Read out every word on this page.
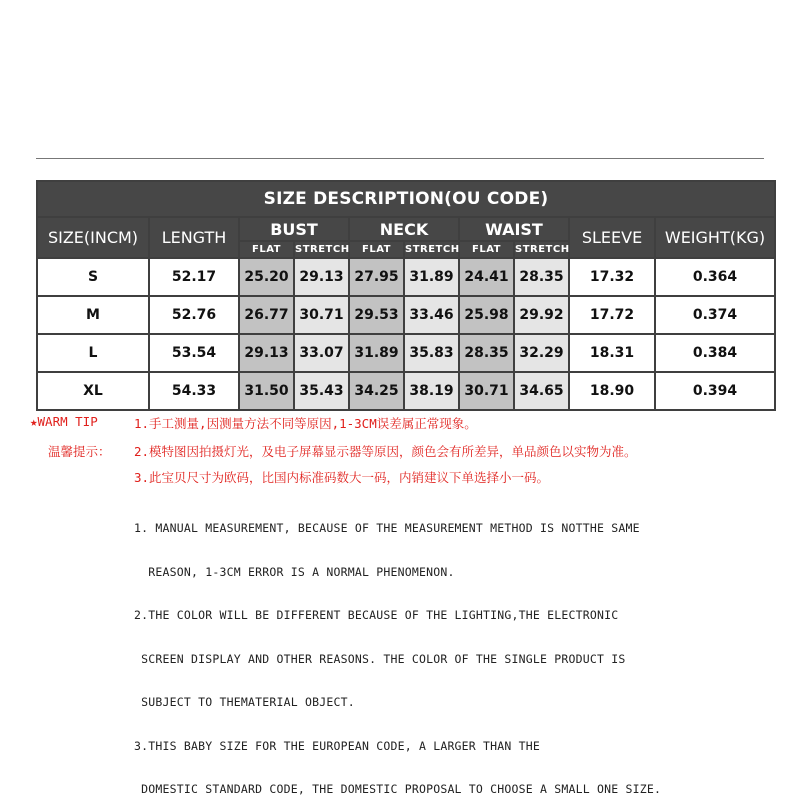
SIZE DESCRIPTION(OU CODE)									
SIZE(INCM)	LENGTH	BUST		NECK		WAIST		SLEEVE	WEIGHT(KG)
		FLAT	STRETCH	FLAT	STRETCH	FLAT	STRETCH		
S	52.17	25.20	29.13	27.95	31.89	24.41	28.35	17.32	0.364
M	52.76	26.77	30.71	29.53	33.46	25.98	29.92	17.72	0.374
L	53.54	29.13	33.07	31.89	35.83	28.35	32.29	18.31	0.384
XL	54.33	31.50	35.43	34.25	38.19	30.71	34.65	18.90	0.394
★WARM TIP	1.手工测量,因测量方法不同等原因,1-3CM误差属正常现象。
温馨提示： 2.模特图因拍摄灯光，及电子屏幕显示器等原因，颜色会有所差异，单品颜色以实物为准。
3.此宝贝尺寸为欧码，比国内标准码数大一码，内销建议下单选择小一码。

1. MANUAL MEASUREMENT, BECAUSE OF THE MEASUREMENT METHOD IS NOTTHE SAME

REASON, 1-3CM ERROR IS A NORMAL PHENOMENON.

2.THE COLOR WILL BE DIFFERENT BECAUSE OF THE LIGHTING,THE ELECTRONIC

SCREEN DISPLAY AND OTHER REASONS. THE COLOR OF THE SINGLE PRODUCT IS

SUBJECT TO THEMATERIAL OBJECT.

3.THIS BABY SIZE FOR THE EUROPEAN CODE, A LARGER THAN THE

DOMESTIC STANDARD CODE, THE DOMESTIC PROPOSAL TO CHOOSE A SMALL ONE SIZE.
